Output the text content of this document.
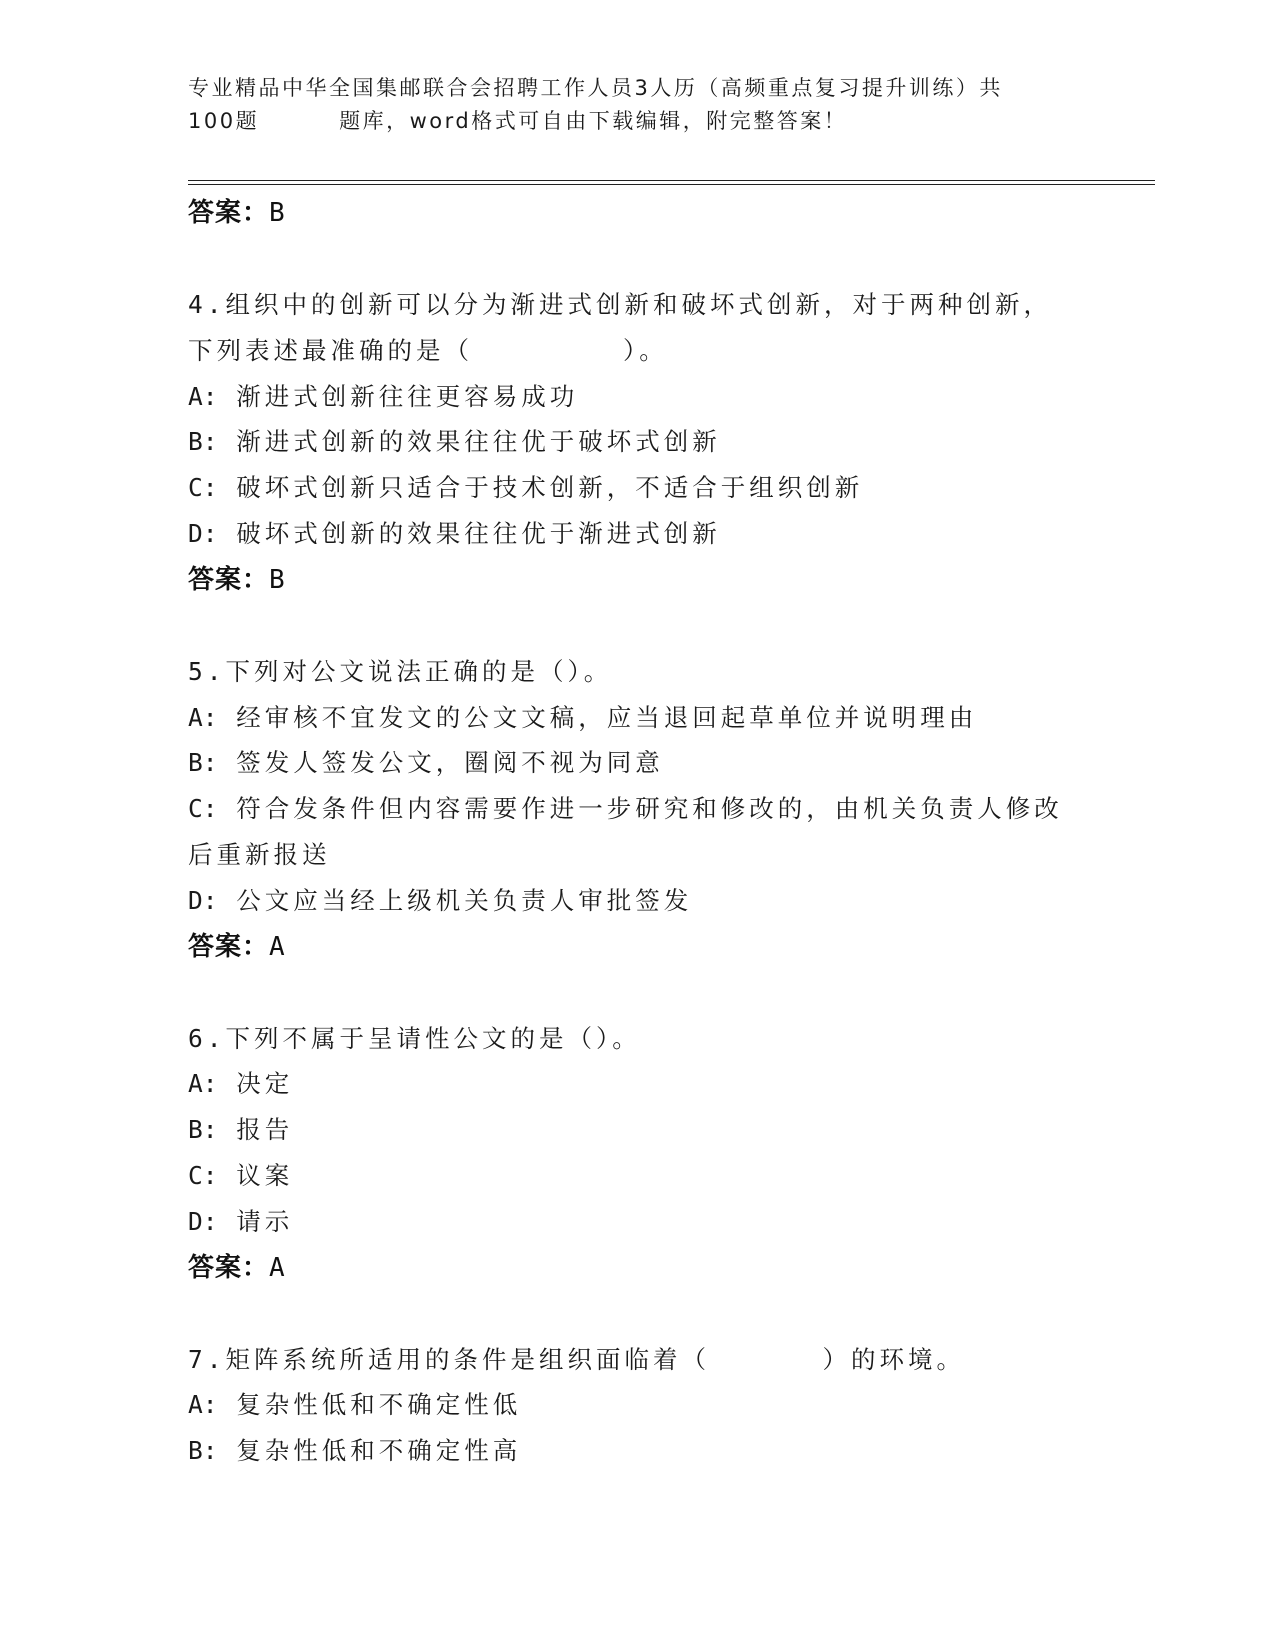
专业精品中华全国集邮联合会招聘工作人员3人历（高频重点复习提升训练）共
100题	题库，word格式可自由下载编辑，附完整答案！
答案：B
4.组织中的创新可以分为渐进式创新和破坏式创新，对于两种创新，
下列表述最准确的是（        ）。
A: 渐进式创新往往更容易成功
B: 渐进式创新的效果往往优于破坏式创新
C: 破坏式创新只适合于技术创新，不适合于组织创新
D: 破坏式创新的效果往往优于渐进式创新
答案：B
5.下列对公文说法正确的是（）。
A: 经审核不宜发文的公文文稿，应当退回起草单位并说明理由
B: 签发人签发公文，圈阅不视为同意
C: 符合发条件但内容需要作进一步研究和修改的，由机关负责人修改
后重新报送
D: 公文应当经上级机关负责人审批签发
答案：A
6.下列不属于呈请性公文的是（）。
A: 决定
B: 报告
C: 议案
D: 请示
答案：A
7.矩阵系统所适用的条件是组织面临着（      ）的环境。
A: 复杂性低和不确定性低
B: 复杂性低和不确定性高
